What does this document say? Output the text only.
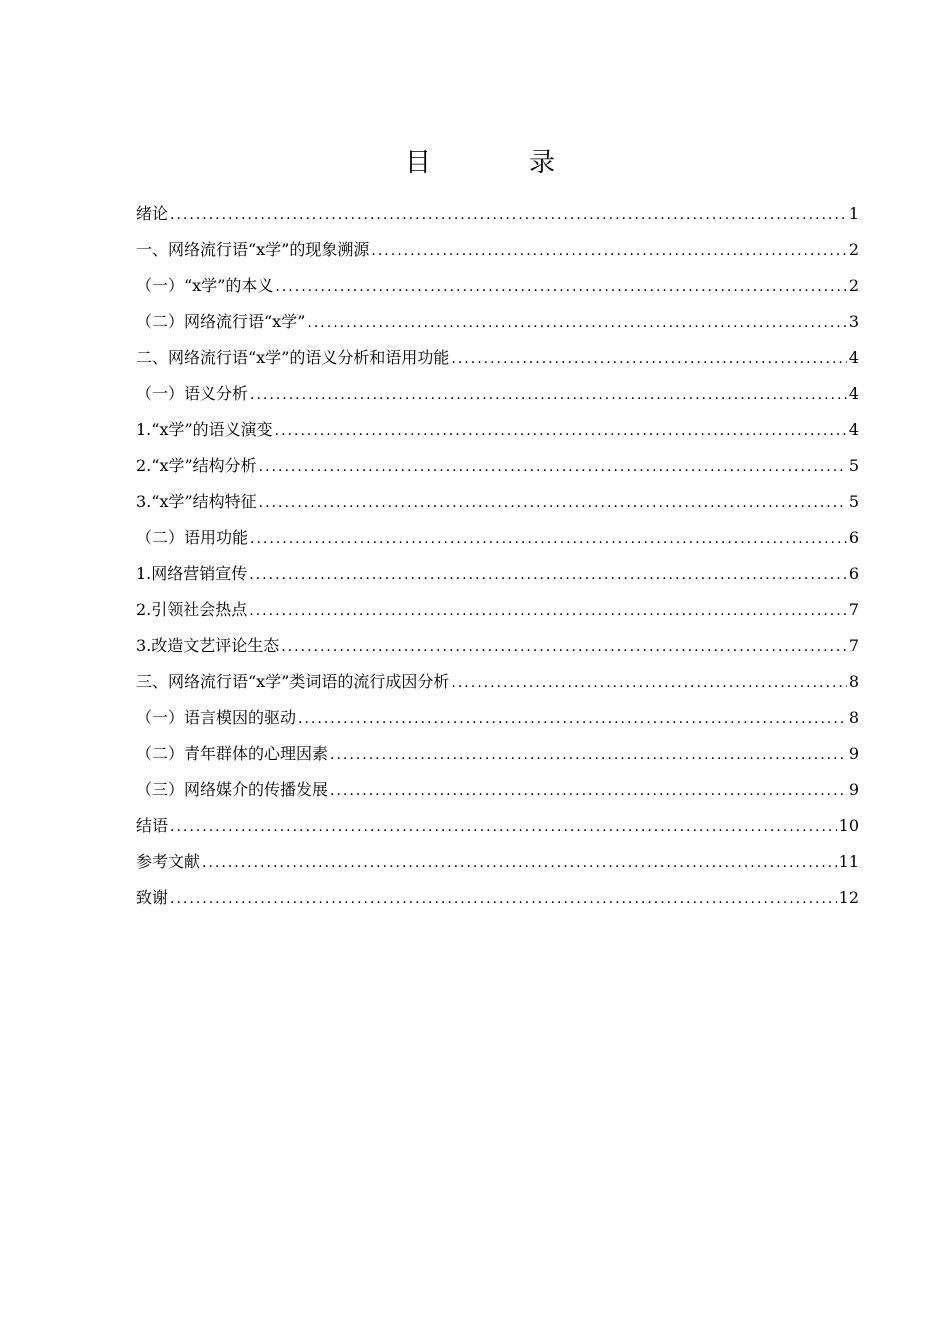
目　录
绪论 .....	1
一、网络流行语“x学”的现象溯源 .....	2
（一）“x学”的本义 .....	2
（二）网络流行语“x学” .....	3
二、网络流行语“x学”的语义分析和语用功能 .....	4
（一）语义分析 .....	4
1.“x学”的语义演变 .....	4
2.“x学”结构分析 .....	5
3.“x学”结构特征 .....	5
（二）语用功能 .....	6
1.网络营销宣传 .....	6
2.引领社会热点 .....	7
3.改造文艺评论生态 .....	7
三、网络流行语“x学”类词语的流行成因分析 .....	8
（一）语言模因的驱动 .....	8
（二）青年群体的心理因素 .....	9
（三）网络媒介的传播发展 .....	9
结语 .....	10
参考文献 .....	11
致谢 .....	12
